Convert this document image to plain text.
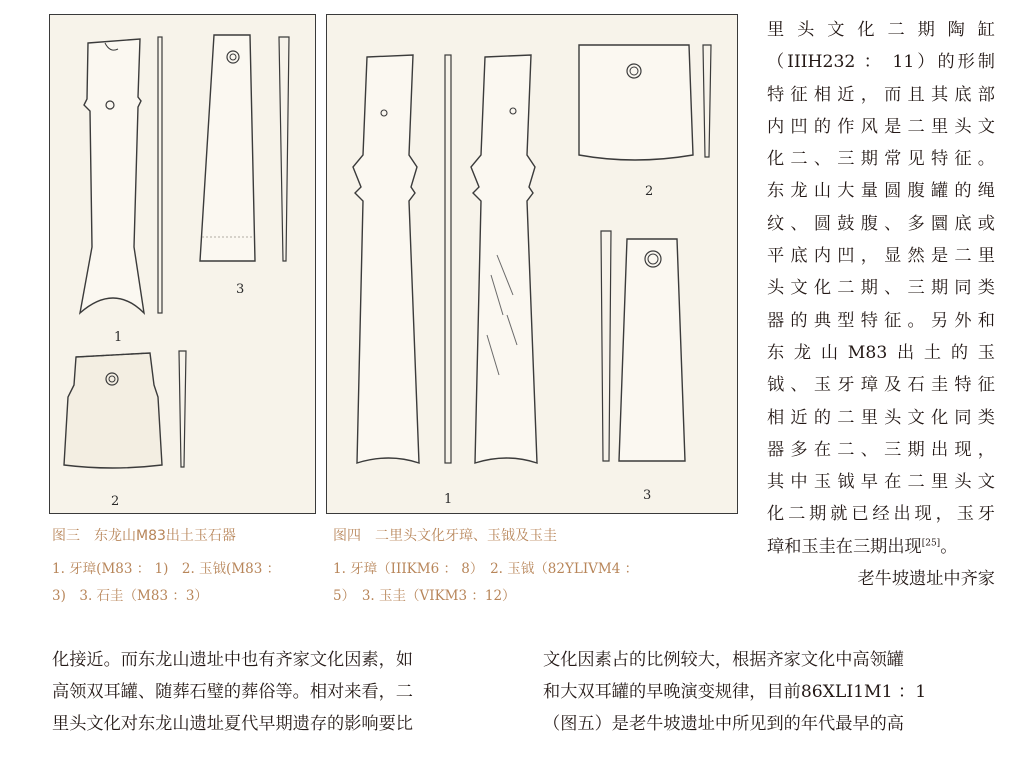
1
2
3
1
2
3
图三 东龙山M83出土玉石器
1. 牙璋(M83 ： 1)　2. 玉钺(M83 ：
3)　3. 石圭（M83 ：3）
图四 二里头文化牙璋、玉钺及玉圭
1. 牙璋（IIIKM6 ： 8）　2. 玉钺（82YLIVM4 ：
5）　3. 玉圭（VIKM3 ：12）
里头文化二期陶缸
（IIIH232 ： 11）的形制
特征相近，而且其底部
内凹的作风是二里头文
化二、三期常见特征。
东龙山大量圆腹罐的绳
纹、圆鼓腹、多圜底或
平底内凹，显然是二里
头文化二期、三期同类
器的典型特征。另外和
东龙山M83出土的玉
钺、玉牙璋及石圭特征
相近的二里头文化同类
器多在二、三期出现，
其中玉钺早在二里头文
化二期就已经出现，玉牙
璋和玉圭在三期出现[25]。
老牛坡遗址中齐家
化接近。而东龙山遗址中也有齐家文化因素，如
高领双耳罐、随葬石璧的葬俗等。相对来看，二
里头文化对东龙山遗址夏代早期遗存的影响要比
文化因素占的比例较大，根据齐家文化中高领罐
和大双耳罐的早晚演变规律，目前86XLI1M1 ：1
（图五）是老牛坡遗址中所见到的年代最早的高
